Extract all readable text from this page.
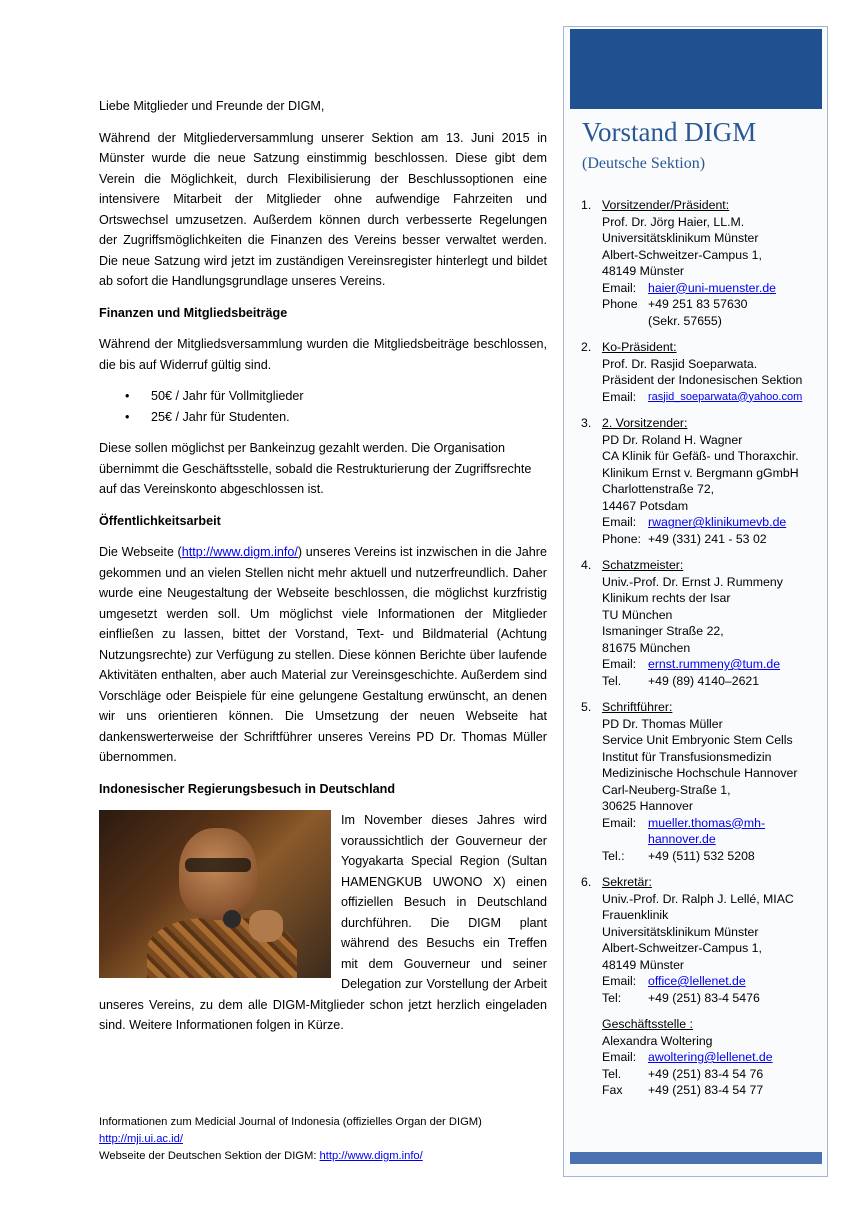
Liebe Mitglieder und Freunde der DIGM,

Während der Mitgliederversammlung unserer Sektion am 13. Juni 2015 in Münster wurde die neue Satzung einstimmig beschlossen. Diese gibt dem Verein die Möglichkeit, durch Flexibilisierung der Beschlussoptionen eine intensivere Mitarbeit der Mitglieder ohne aufwendige Fahrzeiten und Ortswechsel umzusetzen. Außerdem können durch verbesserte Regelungen der Zugriffsmöglichkeiten die Finanzen des Vereins besser verwaltet werden. Die neue Satzung wird jetzt im zuständigen Vereinsregister hinterlegt und bildet ab sofort die Handlungsgrundlage unseres Vereins.

Finanzen und Mitgliedsbeiträge

Während der Mitgliedsversammlung wurden die Mitgliedsbeiträge beschlossen, die bis auf Widerruf gültig sind.

• 50€ / Jahr für Vollmitglieder
• 25€ / Jahr für Studenten.

Diese sollen möglichst per Bankeinzug gezahlt werden. Die Organisation übernimmt die Geschäftsstelle, sobald die Restrukturierung der Zugriffsrechte auf das Vereinskonto abgeschlossen ist.

Öffentlichkeitsarbeit

Die Webseite (http://www.digm.info/) unseres Vereins ist inzwischen in die Jahre gekommen und an vielen Stellen nicht mehr aktuell und nutzerfreundlich. Daher wurde eine Neugestaltung der Webseite beschlossen, die möglichst kurzfristig umgesetzt werden soll. Um möglichst viele Informationen der Mitglieder einfließen zu lassen, bittet der Vorstand, Text- und Bildmaterial (Achtung Nutzungsrechte) zur Verfügung zu stellen. Diese können Berichte über laufende Aktivitäten enthalten, aber auch Material zur Vereinsgeschichte. Außerdem sind Vorschläge oder Beispiele für eine gelungene Gestaltung erwünscht, an denen wir uns orientieren können. Die Umsetzung der neuen Webseite hat dankenswerterweise der Schriftführer unseres Vereins PD Dr. Thomas Müller übernommen.

Indonesischer Regierungsbesuch in Deutschland

Im November dieses Jahres wird voraussichtlich der Gouverneur der Yogyakarta Special Region (Sultan HAMENGKUB UWONO X) einen offiziellen Besuch in Deutschland durchführen. Die DIGM plant während des Besuchs ein Treffen mit dem Gouverneur und seiner Delegation zur Vorstellung der Arbeit unseres Vereins, zu dem alle DIGM-Mitglieder schon jetzt herzlich eingeladen sind. Weitere Informationen folgen in Kürze.

Informationen zum Medicial Journal of Indonesia (offizielles Organ der DIGM)
http://mji.ui.ac.id/
Webseite der Deutschen Sektion der DIGM: http://www.digm.info/
Vorstand DIGM
(Deutsche Sektion)
1. Vorsitzender/Präsident:
Prof. Dr. Jörg Haier, LL.M.
Universitätsklinikum Münster
Albert-Schweitzer-Campus 1,
48149 Münster
Email: haier@uni-muenster.de
Phone +49 251 83 57630
(Sekr. 57655)
2. Ko-Präsident:
Prof. Dr. Rasjid Soeparwata.
Präsident der Indonesischen Sektion
Email:	rasjid_soeparwata@yahoo.com
3. 2. Vorsitzender:
PD Dr. Roland H. Wagner
CA Klinik für Gefäß- und Thoraxchir.
Klinikum Ernst v. Bergmann gGmbH
Charlottenstraße 72,
14467 Potsdam
Email: rwagner@klinikumevb.de
Phone: +49 (331) 241 - 53 02
4. Schatzmeister:
Univ.-Prof. Dr. Ernst J. Rummeny
Klinikum rechts der Isar
TU München
Ismaninger Straße 22,
81675 München
Email: ernst.rummeny@tum.de
Tel.	+49 (89) 4140–2621
5. Schriftführer:
PD Dr. Thomas Müller
Service Unit Embryonic Stem Cells
Institut für Transfusionsmedizin
Medizinische Hochschule Hannover
Carl-Neuberg-Straße 1,
30625 Hannover
Email: mueller.thomas@mh-hannover.de
Tel.:	+49 (511) 532 5208
6. Sekretär:
Univ.-Prof. Dr. Ralph J. Lellé, MIAC
Frauenklinik
Universitätsklinikum Münster
Albert-Schweitzer-Campus 1,
48149 Münster
Email: office@lellenet.de
Tel:	+49 (251) 83-4 5476
Geschäftsstelle :
Alexandra Woltering
Email: awoltering@lellenet.de
Tel.	+49 (251) 83-4 54 76
Fax	+49 (251) 83-4 54 77
